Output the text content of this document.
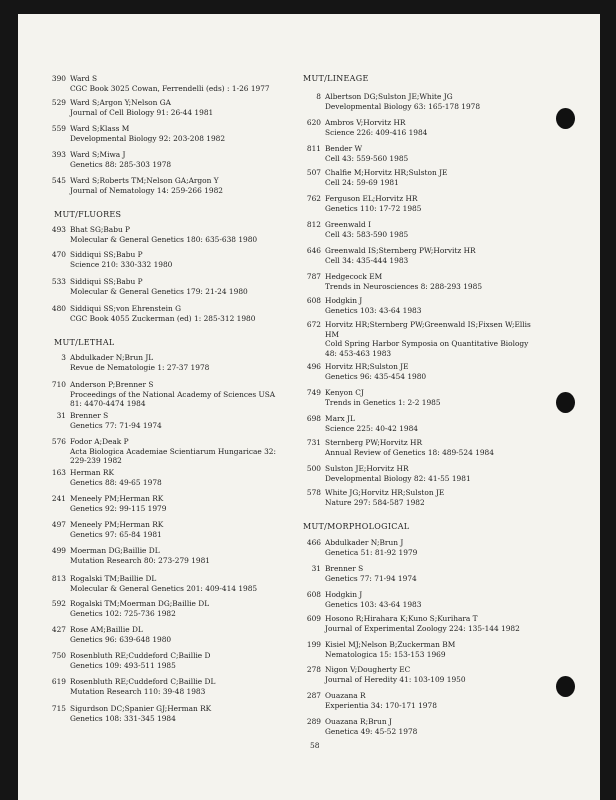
390 Ward S
CGC Book 3025 Cowan, Ferrendelli (eds) : 1-26 1977
529 Ward S;Argon Y;Nelson GA
Journal of Cell Biology 91: 26-44 1981
559 Ward S;Klass M
Developmental Biology 92: 203-208 1982
393 Ward S;Miwa J
Genetics 88: 285-303 1978
545 Ward S;Roberts TM;Nelson GA;Argon Y
Journal of Nematology 14: 259-266 1982
MUT/FLUORES
493 Bhat SG;Babu P
Molecular & General Genetics 180: 635-638 1980
470 Siddiqui SS;Babu P
Science 210: 330-332 1980
533 Siddiqui SS;Babu P
Molecular & General Genetics 179: 21-24 1980
480 Siddiqui SS;von Ehrenstein G
CGC Book 4055 Zuckerman (ed) 1: 285-312 1980
MUT/LETHAL
3 Abdulkader N;Brun JL
Revue de Nematologie 1: 27-37 1978
710 Anderson P;Brenner S
Proceedings of the National Academy of Sciences USA
81: 4470-4474 1984
31 Brenner S
Genetics 77: 71-94 1974
576 Fodor A;Deak P
Acta Biologica Academiae Scientiarum Hungaricae 32:
229-239 1982
163 Herman RK
Genetics 88: 49-65 1978
241 Meneely PM;Herman RK
Genetics 92: 99-115 1979
497 Meneely PM;Herman RK
Genetics 97: 65-84 1981
499 Moerman DG;Baillie DL
Mutation Research 80: 273-279 1981
813 Rogalski TM;Baillie DL
Molecular & General Genetics 201: 409-414 1985
592 Rogalski TM;Moerman DG;Baillie DL
Genetics 102: 725-736 1982
427 Rose AM;Baillie DL
Genetics 96: 639-648 1980
750 Rosenbluth RE;Cuddeford C;Baillie D
Genetics 109: 493-511 1985
619 Rosenbluth RE;Cuddeford C;Baillie DL
Mutation Research 110: 39-48 1983
715 Sigurdson DC;Spanier GJ;Herman RK
Genetics 108: 331-345 1984
MUT/LINEAGE
8 Albertson DG;Sulston JE;White JG
Developmental Biology 63: 165-178 1978
620 Ambros V;Horvitz HR
Science 226: 409-416 1984
811 Bender W
Cell 43: 559-560 1985
507 Chalfie M;Horvitz HR;Sulston JE
Cell 24: 59-69 1981
762 Ferguson EL;Horvitz HR
Genetics 110: 17-72 1985
812 Greenwald I
Cell 43: 583-590 1985
646 Greenwald IS;Sternberg PW;Horvitz HR
Cell 34: 435-444 1983
787 Hedgecock EM
Trends in Neurosciences 8: 288-293 1985
608 Hodgkin J
Genetics 103: 43-64 1983
672 Horvitz HR;Sternberg PW;Greenwald IS;Fixsen W;Ellis
HM
Cold Spring Harbor Symposia on Quantitative Biology
48: 453-463 1983
496 Horvitz HR;Sulston JE
Genetics 96: 435-454 1980
749 Kenyon CJ
Trends in Genetics 1: 2-2 1985
698 Marx JL
Science 225: 40-42 1984
731 Sternberg PW;Horvitz HR
Annual Review of Genetics 18: 489-524 1984
500 Sulston JE;Horvitz HR
Developmental Biology 82: 41-55 1981
578 White JG;Horvitz HR;Sulston JE
Nature 297: 584-587 1982
MUT/MORPHOLOGICAL
466 Abdulkader N;Brun J
Genetica 51: 81-92 1979
31 Brenner S
Genetics 77: 71-94 1974
608 Hodgkin J
Genetics 103: 43-64 1983
609 Hosono R;Hirahara K;Kuno S;Kurihara T
Journal of Experimental Zoology 224: 135-144 1982
199 Kisiel MJ;Nelson B;Zuckerman BM
Nematologica 15: 153-153 1969
278 Nigon V;Dougherty EC
Journal of Heredity 41: 103-109 1950
287 Ouazana R
Experientia 34: 170-171 1978
289 Ouazana R;Brun J
Genetica 49: 45-52 1978
58
